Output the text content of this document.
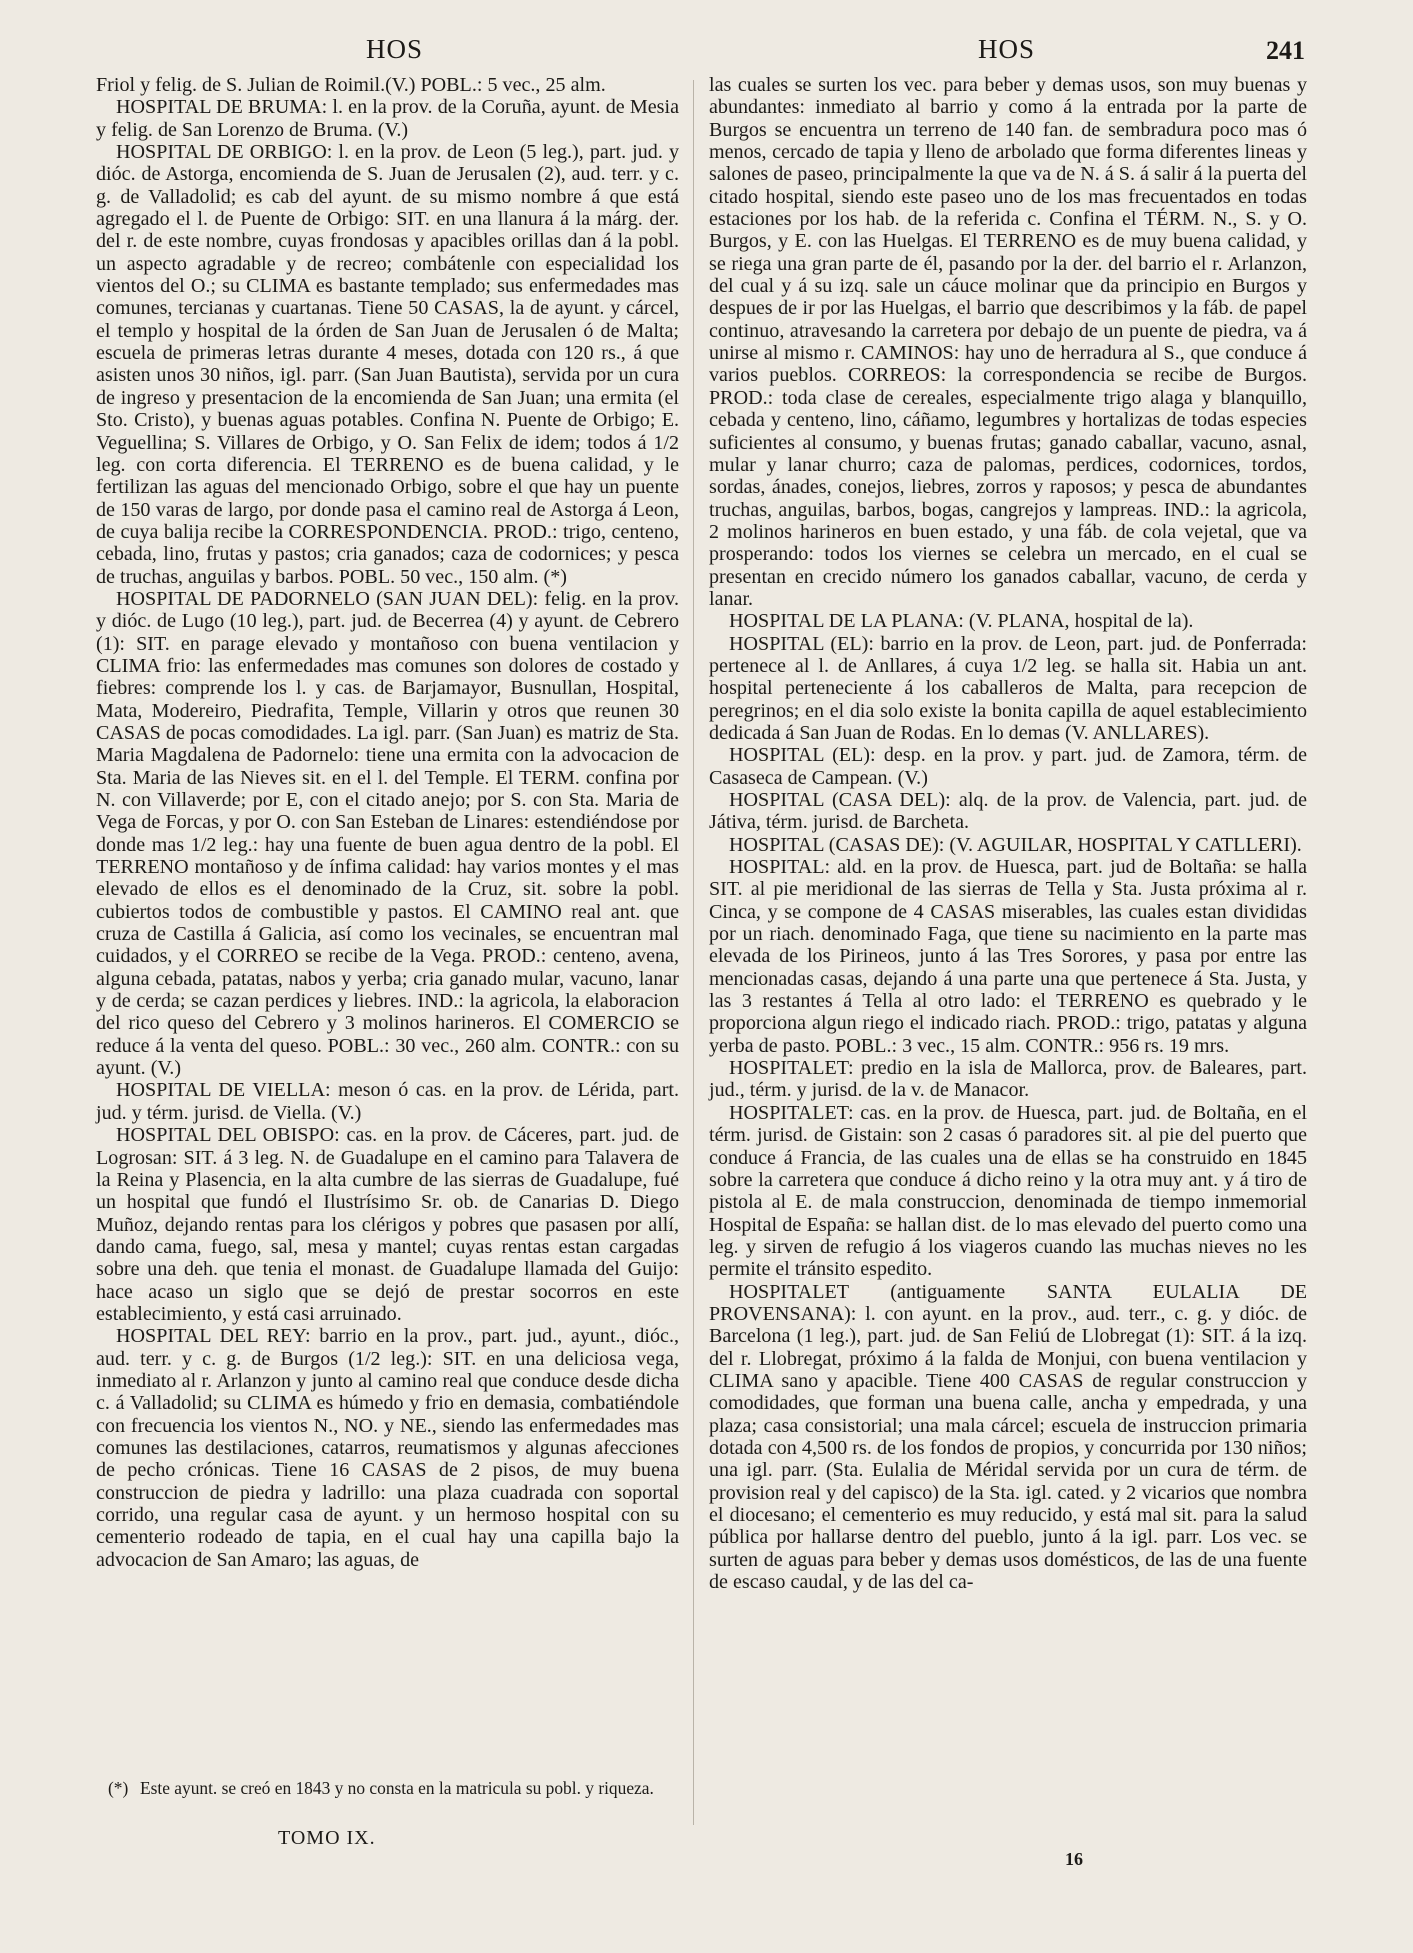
HOS	HOS	241

Friol y felig. de S. Julian de Roimil.(V.) POBL.: 5 vec., 25 alm.

HOSPITAL DE BRUMA: l. en la prov. de la Coruña, ayunt. de Mesia y felig. de San Lorenzo de Bruma. (V.)

HOSPITAL DE ORBIGO: l. en la prov. de Leon (5 leg.), part. jud. y dióc. de Astorga, encomienda de S. Juan de Jerusalen (2), aud. terr. y c. g. de Valladolid; es cab del ayunt. de su mismo nombre á que está agregado el l. de Puente de Orbigo: SIT. en una llanura á la márg. der. del r. de este nombre, cuyas frondosas y apacibles orillas dan á la pobl. un aspecto agradable y de recreo; combátenle con especialidad los vientos del O.; su CLIMA es bastante templado; sus enfermedades mas comunes, tercianas y cuartanas. Tiene 50 CASAS, la de ayunt. y cárcel, el templo y hospital de la órden de San Juan de Jerusalen ó de Malta; escuela de primeras letras durante 4 meses, dotada con 120 rs., á que asisten unos 30 niños, igl. parr. (San Juan Bautista), servida por un cura de ingreso y presentacion de la encomienda de San Juan; una ermita (el Sto. Cristo), y buenas aguas potables. Confina N. Puente de Orbigo; E. Veguellina; S. Villares de Orbigo, y O. San Felix de idem; todos á 1/2 leg. con corta diferencia. El TERRENO es de buena calidad, y le fertilizan las aguas del mencionado Orbigo, sobre el que hay un puente de 150 varas de largo, por donde pasa el camino real de Astorga á Leon, de cuya balija recibe la CORRESPONDENCIA. PROD.: trigo, centeno, cebada, lino, frutas y pastos; cria ganados; caza de codornices; y pesca de truchas, anguilas y barbos. POBL. 50 vec., 150 alm. (*)

HOSPITAL DE PADORNELO (SAN JUAN DEL): felig. en la prov. y dióc. de Lugo (10 leg.), part. jud. de Becerrea (4) y ayunt. de Cebrero (1): SIT. en parage elevado y montañoso con buena ventilacion y CLIMA frio: las enfermedades mas comunes son dolores de costado y fiebres: comprende los l. y cas. de Barjamayor, Busnullan, Hospital, Mata, Modereiro, Piedrafita, Temple, Villarin y otros que reunen 30 CASAS de pocas comodidades. La igl. parr. (San Juan) es matriz de Sta. Maria Magdalena de Padornelo: tiene una ermita con la advocacion de Sta. Maria de las Nieves sit. en el l. del Temple. El TERM. confina por N. con Villaverde; por E, con el citado anejo; por S. con Sta. Maria de Vega de Forcas, y por O. con San Esteban de Linares: estendiéndose por donde mas 1/2 leg.: hay una fuente de buen agua dentro de la pobl. El TERRENO montañoso y de ínfima calidad: hay varios montes y el mas elevado de ellos es el denominado de la Cruz, sit. sobre la pobl. cubiertos todos de combustible y pastos. El CAMINO real ant. que cruza de Castilla á Galicia, así como los vecinales, se encuentran mal cuidados, y el CORREO se recibe de la Vega. PROD.: centeno, avena, alguna cebada, patatas, nabos y yerba; cria ganado mular, vacuno, lanar y de cerda; se cazan perdices y liebres. IND.: la agricola, la elaboracion del rico queso del Cebrero y 3 molinos harineros. El COMERCIO se reduce á la venta del queso. POBL.: 30 vec., 260 alm. CONTR.: con su ayunt. (V.)

HOSPITAL DE VIELLA: meson ó cas. en la prov. de Lérida, part. jud. y térm. jurisd. de Viella. (V.)

HOSPITAL DEL OBISPO: cas. en la prov. de Cáceres, part. jud. de Logrosan: SIT. á 3 leg. N. de Guadalupe en el camino para Talavera de la Reina y Plasencia, en la alta cumbre de las sierras de Guadalupe, fué un hospital que fundó el Ilustrísimo Sr. ob. de Canarias D. Diego Muñoz, dejando rentas para los clérigos y pobres que pasasen por allí, dando cama, fuego, sal, mesa y mantel; cuyas rentas estan cargadas sobre una deh. que tenia el monast. de Guadalupe llamada del Guijo: hace acaso un siglo que se dejó de prestar socorros en este establecimiento, y está casi arruinado.

HOSPITAL DEL REY: barrio en la prov., part. jud., ayunt., dióc., aud. terr. y c. g. de Burgos (1/2 leg.): SIT. en una deliciosa vega, inmediato al r. Arlanzon y junto al camino real que conduce desde dicha c. á Valladolid; su CLIMA es húmedo y frio en demasia, combatiéndole con frecuencia los vientos N., NO. y NE., siendo las enfermedades mas comunes las destilaciones, catarros, reumatismos y algunas afecciones de pecho crónicas. Tiene 16 CASAS de 2 pisos, de muy buena construccion de piedra y ladrillo: una plaza cuadrada con soportal corrido, una regular casa de ayunt. y un hermoso hospital con su cementerio rodeado de tapia, en el cual hay una capilla bajo la advocacion de San Amaro; las aguas, de

las cuales se surten los vec. para beber y demas usos, son muy buenas y abundantes: inmediato al barrio y como á la entrada por la parte de Burgos se encuentra un terreno de 140 fan. de sembradura poco mas ó menos, cercado de tapia y lleno de arbolado que forma diferentes lineas y salones de paseo, principalmente la que va de N. á S. á salir á la puerta del citado hospital, siendo este paseo uno de los mas frecuentados en todas estaciones por los hab. de la referida c. Confina el TÉRM. N., S. y O. Burgos, y E. con las Huelgas. El TERRENO es de muy buena calidad, y se riega una gran parte de él, pasando por la der. del barrio el r. Arlanzon, del cual y á su izq. sale un cáuce molinar que da principio en Burgos y despues de ir por las Huelgas, el barrio que describimos y la fáb. de papel continuo, atravesando la carretera por debajo de un puente de piedra, va á unirse al mismo r. CAMINOS: hay uno de herradura al S., que conduce á varios pueblos. CORREOS: la correspondencia se recibe de Burgos. PROD.: toda clase de cereales, especialmente trigo alaga y blanquillo, cebada y centeno, lino, cáñamo, legumbres y hortalizas de todas especies suficientes al consumo, y buenas frutas; ganado caballar, vacuno, asnal, mular y lanar churro; caza de palomas, perdices, codornices, tordos, sordas, ánades, conejos, liebres, zorros y raposos; y pesca de abundantes truchas, anguilas, barbos, bogas, cangrejos y lampreas. IND.: la agricola, 2 molinos harineros en buen estado, y una fáb. de cola vejetal, que va prosperando: todos los viernes se celebra un mercado, en el cual se presentan en crecido número los ganados caballar, vacuno, de cerda y lanar.

HOSPITAL DE LA PLANA: (V. PLANA, hospital de la).

HOSPITAL (EL): barrio en la prov. de Leon, part. jud. de Ponferrada: pertenece al l. de Anllares, á cuya 1/2 leg. se halla sit. Habia un ant. hospital perteneciente á los caballeros de Malta, para recepcion de peregrinos; en el dia solo existe la bonita capilla de aquel establecimiento dedicada á San Juan de Rodas. En lo demas (V. ANLLARES).

HOSPITAL (EL): desp. en la prov. y part. jud. de Zamora, térm. de Casaseca de Campean. (V.)

HOSPITAL (CASA DEL): alq. de la prov. de Valencia, part. jud. de Játiva, térm. jurisd. de Barcheta.

HOSPITAL (CASAS DE): (V. AGUILAR, HOSPITAL Y CATLLERI).

HOSPITAL: ald. en la prov. de Huesca, part. jud de Boltaña: se halla SIT. al pie meridional de las sierras de Tella y Sta. Justa próxima al r. Cinca, y se compone de 4 CASAS miserables, las cuales estan divididas por un riach. denominado Faga, que tiene su nacimiento en la parte mas elevada de los Pirineos, junto á las Tres Sorores, y pasa por entre las mencionadas casas, dejando á una parte una que pertenece á Sta. Justa, y las 3 restantes á Tella al otro lado: el TERRENO es quebrado y le proporciona algun riego el indicado riach. PROD.: trigo, patatas y alguna yerba de pasto. POBL.: 3 vec., 15 alm. CONTR.: 956 rs. 19 mrs.

HOSPITALET: predio en la isla de Mallorca, prov. de Baleares, part. jud., térm. y jurisd. de la v. de Manacor.

HOSPITALET: cas. en la prov. de Huesca, part. jud. de Boltaña, en el térm. jurisd. de Gistain: son 2 casas ó paradores sit. al pie del puerto que conduce á Francia, de las cuales una de ellas se ha construido en 1845 sobre la carretera que conduce á dicho reino y la otra muy ant. y á tiro de pistola al E. de mala construccion, denominada de tiempo inmemorial Hospital de España: se hallan dist. de lo mas elevado del puerto como una leg. y sirven de refugio á los viageros cuando las muchas nieves no les permite el tránsito espedito.

HOSPITALET (antiguamente SANTA EULALIA DE PROVENSANA): l. con ayunt. en la prov., aud. terr., c. g. y dióc. de Barcelona (1 leg.), part. jud. de San Feliú de Llobregat (1): SIT. á la izq. del r. Llobregat, próximo á la falda de Monjui, con buena ventilacion y CLIMA sano y apacible. Tiene 400 CASAS de regular construccion y comodidades, que forman una buena calle, ancha y empedrada, y una plaza; casa consistorial; una mala cárcel; escuela de instruccion primaria dotada con 4,500 rs. de los fondos de propios, y concurrida por 130 niños; una igl. parr. (Sta. Eulalia de Méridal servida por un cura de térm. de provision real y del capisco) de la Sta. igl. cated. y 2 vicarios que nombra el diocesano; el cementerio es muy reducido, y está mal sit. para la salud pública por hallarse dentro del pueblo, junto á la igl. parr. Los vec. se surten de aguas para beber y demas usos domésticos, de las de una fuente de escaso caudal, y de las del ca-

(*) Este ayunt. se creó en 1843 y no consta en la matricula su pobl. y riqueza.
TOMO IX.
16
